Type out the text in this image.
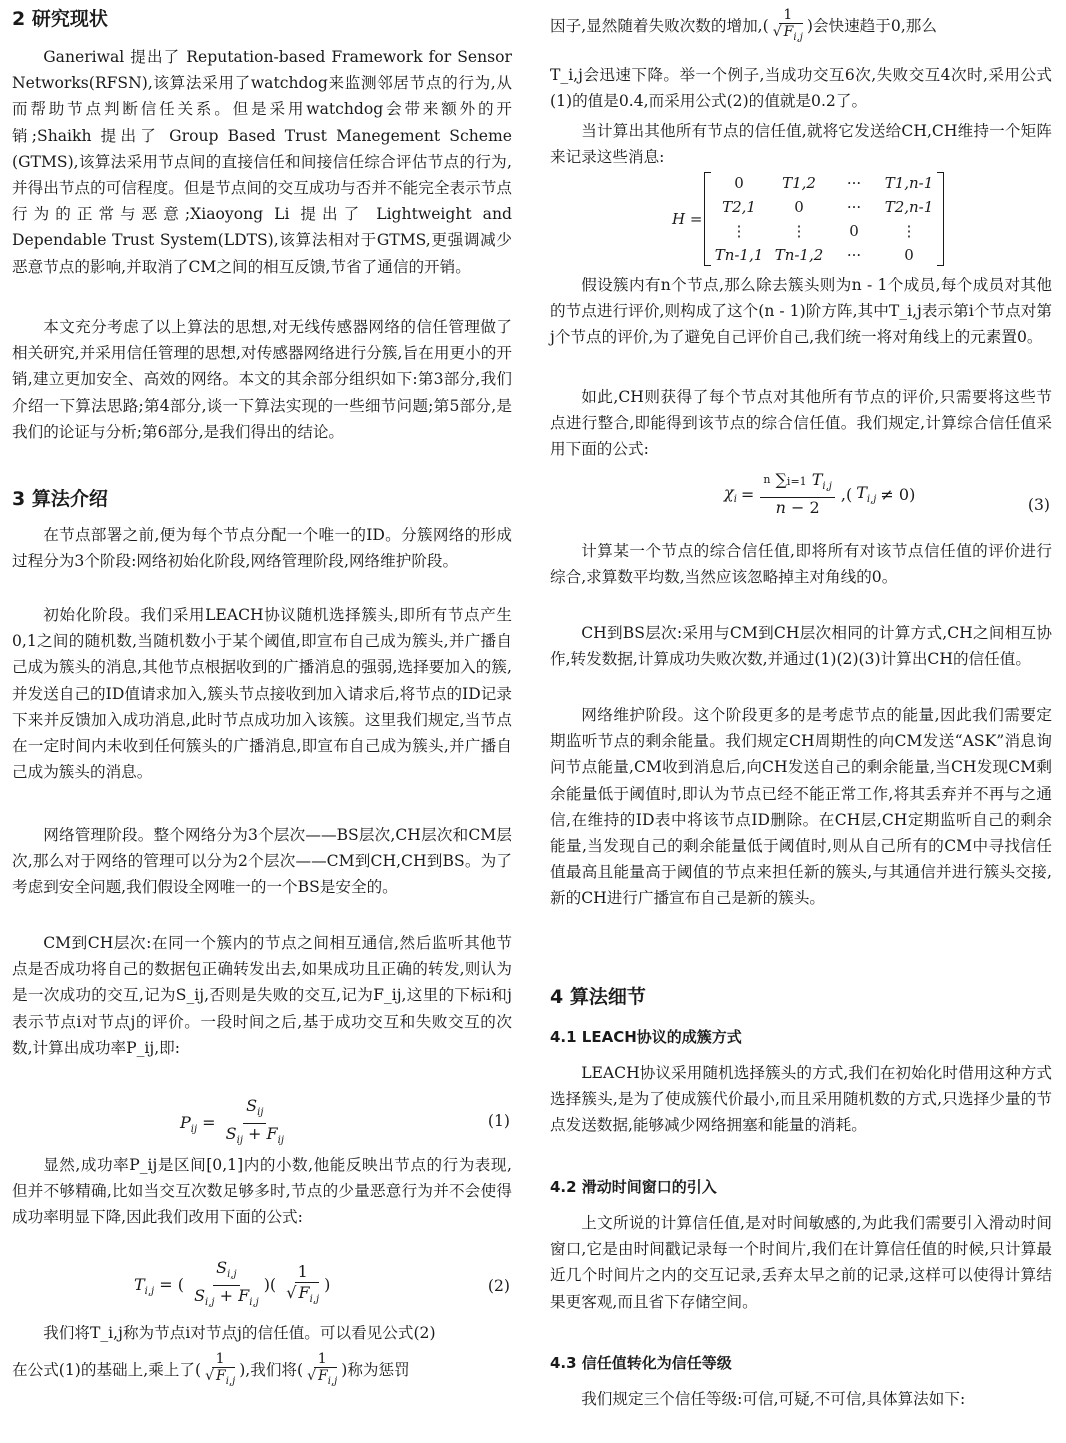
2 研究现状

Ganeriwal 提出了 Reputation-based Framework for Sensor Networks(RFSN),该算法采用了watchdog来监测邻居节点的行为,从而帮助节点判断信任关系。但是采用watchdog会带来额外的开销;Shaikh 提出了 Group Based Trust Manegement Scheme (GTMS),该算法采用节点间的直接信任和间接信任综合评估节点的行为,并得出节点的可信程度。但是节点间的交互成功与否并不能完全表示节点行为的正常与恶意;Xiaoyong Li 提出了 Lightweight and Dependable Trust System(LDTS),该算法相对于GTMS,更强调减少恶意节点的影响,并取消了CM之间的相互反馈,节省了通信的开销。

本文充分考虑了以上算法的思想,对无线传感器网络的信任管理做了相关研究,并采用信任管理的思想,对传感器网络进行分簇,旨在用更小的开销,建立更加安全、高效的网络。本文的其余部分组织如下:第3部分,我们介绍一下算法思路;第4部分,谈一下算法实现的一些细节问题;第5部分,是我们的论证与分析;第6部分,是我们得出的结论。

3 算法介绍

在节点部署之前,便为每个节点分配一个唯一的ID。分簇网络的形成过程分为3个阶段:网络初始化阶段,网络管理阶段,网络维护阶段。

初始化阶段。我们采用LEACH协议随机选择簇头,即所有节点产生0,1之间的随机数,当随机数小于某个阈值,即宣布自己成为簇头,并广播自己成为簇头的消息,其他节点根据收到的广播消息的强弱,选择要加入的簇,并发送自己的ID值请求加入,簇头节点接收到加入请求后,将节点的ID记录下来并反馈加入成功消息,此时节点成功加入该簇。这里我们规定,当节点在一定时间内未收到任何簇头的广播消息,即宣布自己成为簇头,并广播自己成为簇头的消息。

网络管理阶段。整个网络分为3个层次——BS层次,CH层次和CM层次,那么对于网络的管理可以分为2个层次——CM到CH,CH到BS。为了考虑到安全问题,我们假设全网唯一的一个BS是安全的。

CM到CH层次:在同一个簇内的节点之间相互通信,然后监听其他节点是否成功将自己的数据包正确转发出去,如果成功且正确的转发,则认为是一次成功的交互,记为S_ij,否则是失败的交互,记为F_ij,这里的下标i和j表示节点i对节点j的评价。一段时间之后,基于成功交互和失败交互的次数,计算出成功率P_ij,即:

$P_{ij} = \frac{S_{ij}}{S_{ij} + F_{ij}}$	(1)

显然,成功率P_ij是区间[0,1]内的小数,他能反映出节点的行为表现,但并不够精确,比如当交互次数足够多时,节点的少量恶意行为并不会使得成功率明显下降,因此我们改用下面的公式:

$T_{i,j}$ = ( $\frac{S_{i,j}}{S_{i,j} + F_{i,j}}$ )( $\frac{1}{√ F_{i,j}}$ )	(2)

我们将T_i,j称为节点i对节点j的信任值。可以看见公式(2)

在公式(1)的基础上,乘上了( $\frac{1}{√ F_{i,j}}$ ),我们将( $\frac{1}{√ F_{i,j}}$ )称为惩罚
因子,显然随着失败次数的增加,( $\frac{1}{√ F_{i,j}}$ )会快速趋于0,那么

T_i,j会迅速下降。举一个例子,当成功交互6次,失败交互4次时,采用公式(1)的值是0.4,而采用公式(2)的值就是0.2了。

当计算出其他所有节点的信任值,就将它发送给CH,CH维持一个矩阵来记录这些消息:

H =
0	T1,2	···	T1,n-1
T2,1	0	···	T2,n-1
⋮	⋮	0	⋮
Tn-1,1 Tn-1,2	···	0

假设簇内有n个节点,那么除去簇头则为n - 1个成员,每个成员对其他的节点进行评价,则构成了这个(n - 1)阶方阵,其中T_i,j表示第i个节点对第j个节点的评价,为了避免自己评价自己,我们统一将对角线上的元素置0。

如此,CH则获得了每个节点对其他所有节点的评价,只需要将这些节点进行整合,即能得到该节点的综合信任值。我们规定,计算综合信任值采用下面的公式:

$\chi_i = \frac{^n \sum i=1 T_{i,j}}{n - 2}$ ,( $T_{i,j} \ne 0$)
(3)

计算某一个节点的综合信任值,即将所有对该节点信任值的评价进行综合,求算数平均数,当然应该忽略掉主对角线的0。

CH到BS层次:采用与CM到CH层次相同的计算方式,CH之间相互协作,转发数据,计算成功失败次数,并通过(1)(2)(3)计算出CH的信任值。

网络维护阶段。这个阶段更多的是考虑节点的能量,因此我们需要定期监听节点的剩余能量。我们规定CH周期性的向CM发送“ASK”消息询问节点能量,CM收到消息后,向CH发送自己的剩余能量,当CH发现CM剩余能量低于阈值时,即认为节点已经不能正常工作,将其丢弃并不再与之通信,在维持的ID表中将该节点ID删除。在CH层,CH定期监听自己的剩余能量,当发现自己的剩余能量低于阈值时,则从自己所有的CM中寻找信任值最高且能量高于阈值的节点来担任新的簇头,与其通信并进行簇头交接,新的CH进行广播宣布自己是新的簇头。

4 算法细节
4.1 LEACH协议的成簇方式

LEACH协议采用随机选择簇头的方式,我们在初始化时借用这种方式选择簇头,是为了使成簇代价最小,而且采用随机数的方式,只选择少量的节点发送数据,能够减少网络拥塞和能量的消耗。

4.2 滑动时间窗口的引入

上文所说的计算信任值,是对时间敏感的,为此我们需要引入滑动时间窗口,它是由时间戳记录每一个时间片,我们在计算信任值的时候,只计算最近几个时间片之内的交互记录,丢弃太早之前的记录,这样可以使得计算结果更客观,而且省下存储空间。

4.3 信任值转化为信任等级

我们规定三个信任等级:可信,可疑,不可信,具体算法如下:
